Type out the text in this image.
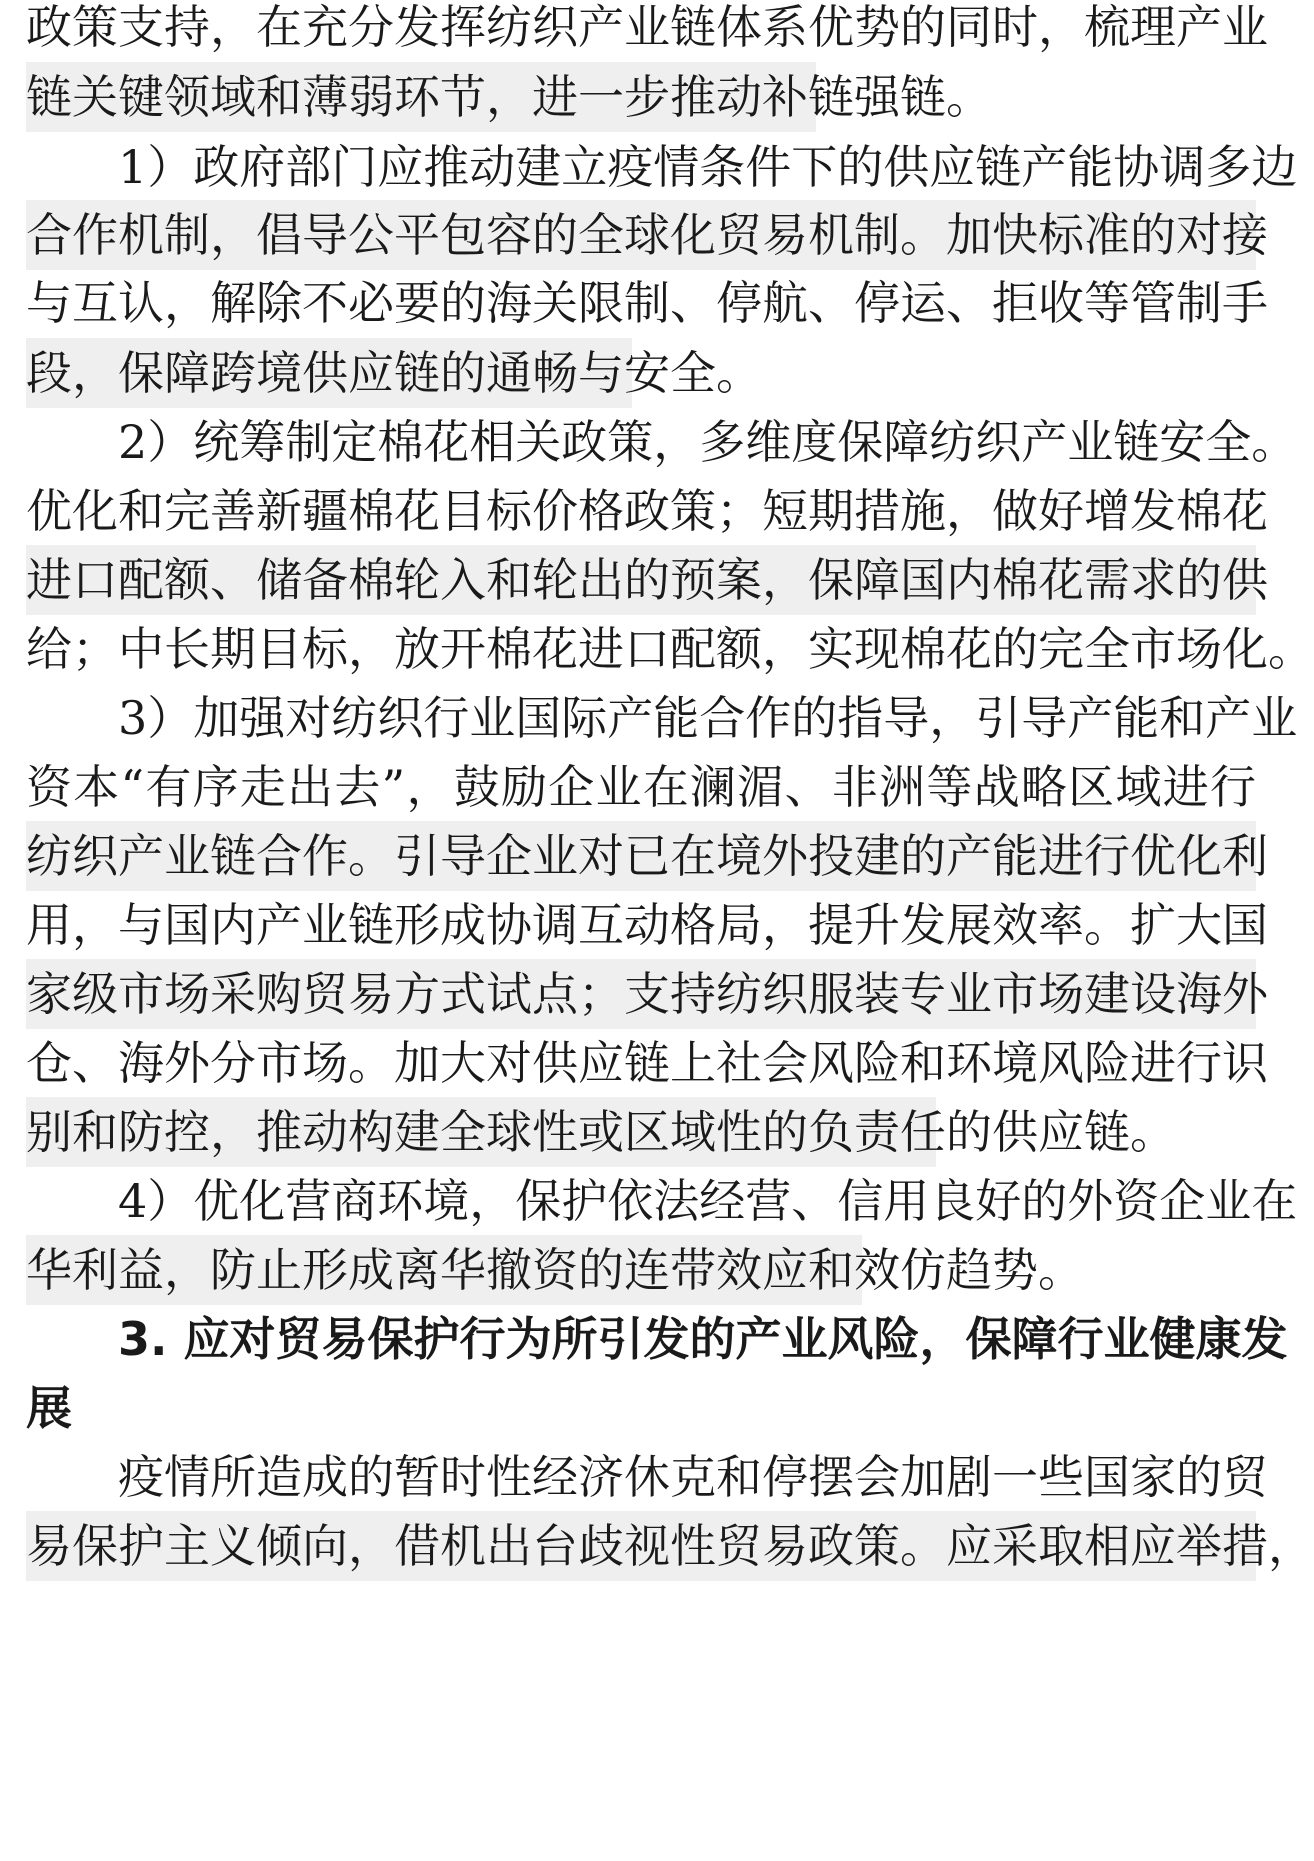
政策支持，在充分发挥纺织产业链体系优势的同时，梳理产业
链关键领域和薄弱环节，进一步推动补链强链。
1）政府部门应推动建立疫情条件下的供应链产能协调多边
合作机制，倡导公平包容的全球化贸易机制。加快标准的对接
与互认，解除不必要的海关限制、停航、停运、拒收等管制手
段，保障跨境供应链的通畅与安全。
2）统筹制定棉花相关政策，多维度保障纺织产业链安全。
优化和完善新疆棉花目标价格政策；短期措施，做好增发棉花
进口配额、储备棉轮入和轮出的预案，保障国内棉花需求的供
给；中长期目标，放开棉花进口配额，实现棉花的完全市场化。
3）加强对纺织行业国际产能合作的指导，引导产能和产业
资本“有序走出去”，鼓励企业在澜湄、非洲等战略区域进行
纺织产业链合作。引导企业对已在境外投建的产能进行优化利
用，与国内产业链形成协调互动格局，提升发展效率。扩大国
家级市场采购贸易方式试点；支持纺织服装专业市场建设海外
仓、海外分市场。加大对供应链上社会风险和环境风险进行识
别和防控，推动构建全球性或区域性的负责任的供应链。
4）优化营商环境，保护依法经营、信用良好的外资企业在
华利益，防止形成离华撤资的连带效应和效仿趋势。
3. 应对贸易保护行为所引发的产业风险，保障行业健康发
展
疫情所造成的暂时性经济休克和停摆会加剧一些国家的贸
易保护主义倾向，借机出台歧视性贸易政策。应采取相应举措，
